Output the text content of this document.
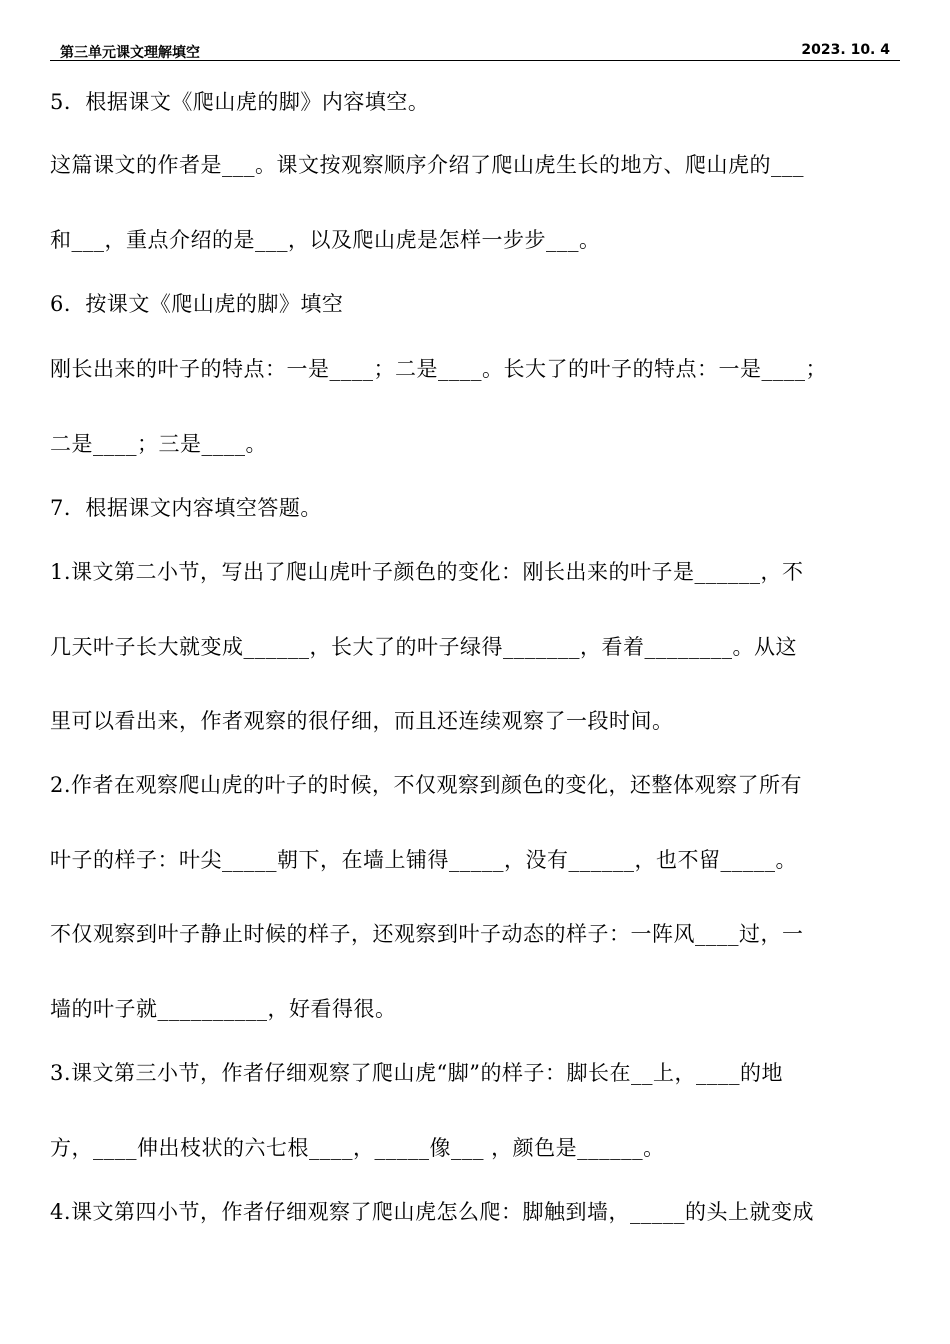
第三单元课文理解填空	2023. 10. 4
5．根据课文《爬山虎的脚》内容填空。
这篇课文的作者是___。课文按观察顺序介绍了爬山虎生长的地方、爬山虎的___
和___，重点介绍的是___，以及爬山虎是怎样一步步___。
6．按课文《爬山虎的脚》填空
刚长出来的叶子的特点：一是____；二是____。长大了的叶子的特点：一是____；
二是____；三是____。
7．根据课文内容填空答题。
1.课文第二小节，写出了爬山虎叶子颜色的变化：刚长出来的叶子是______，不
几天叶子长大就变成______，长大了的叶子绿得_______，看着________。从这
里可以看出来，作者观察的很仔细，而且还连续观察了一段时间。
2.作者在观察爬山虎的叶子的时候，不仅观察到颜色的变化，还整体观察了所有
叶子的样子：叶尖_____朝下，在墙上铺得_____，没有______，也不留_____。
不仅观察到叶子静止时候的样子，还观察到叶子动态的样子：一阵风____过，一
墙的叶子就__________，好看得很。
3.课文第三小节，作者仔细观察了爬山虎“脚”的样子：脚长在__上，____的地
方，____伸出枝状的六七根____，_____像___ ，颜色是______。
4.课文第四小节，作者仔细观察了爬山虎怎么爬：脚触到墙，_____的头上就变成
